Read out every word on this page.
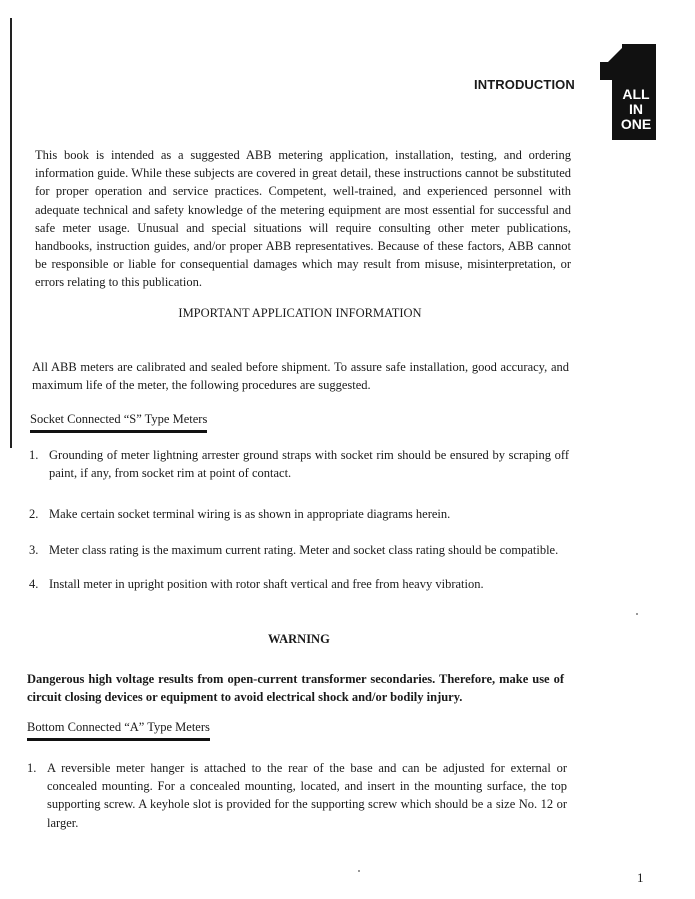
ALL
IN
ONE
INTRODUCTION

This book is intended as a suggested ABB metering application, installation, testing, and ordering information guide. While these subjects are covered in great detail, these instructions cannot be substituted for proper operation and service practices. Competent, well-trained, and experienced personnel with adequate technical and safety knowledge of the metering equipment are most essential for successful and safe meter usage. Unusual and special situations will require consulting other meter publications, handbooks, instruction guides, and/or proper ABB representatives. Because of these factors, ABB cannot be responsible or liable for consequential damages which may result from misuse, misinterpretation, or errors relating to this publication.

IMPORTANT APPLICATION INFORMATION

All ABB meters are calibrated and sealed before shipment. To assure safe installation, good accuracy, and maximum life of the meter, the following procedures are suggested.

Socket Connected “S” Type Meters
1. Grounding of meter lightning arrester ground straps with socket rim should be ensured by scraping off paint, if any, from socket rim at point of contact.
2. Make certain socket terminal wiring is as shown in appropriate diagrams herein.
3. Meter class rating is the maximum current rating. Meter and socket class rating should be compatible.
4. Install meter in upright position with rotor shaft vertical and free from heavy vibration.
WARNING
Dangerous high voltage results from open-current transformer secondaries. Therefore, make use of circuit closing devices or equipment to avoid electrical shock and/or bodily injury.
Bottom Connected “A” Type Meters
1. A reversible meter hanger is attached to the rear of the base and can be adjusted for external or concealed mounting. For a concealed mounting, located, and insert in the mounting surface, the top supporting screw. A keyhole slot is provided for the supporting screw which should be a size No. 12 or larger.
1
